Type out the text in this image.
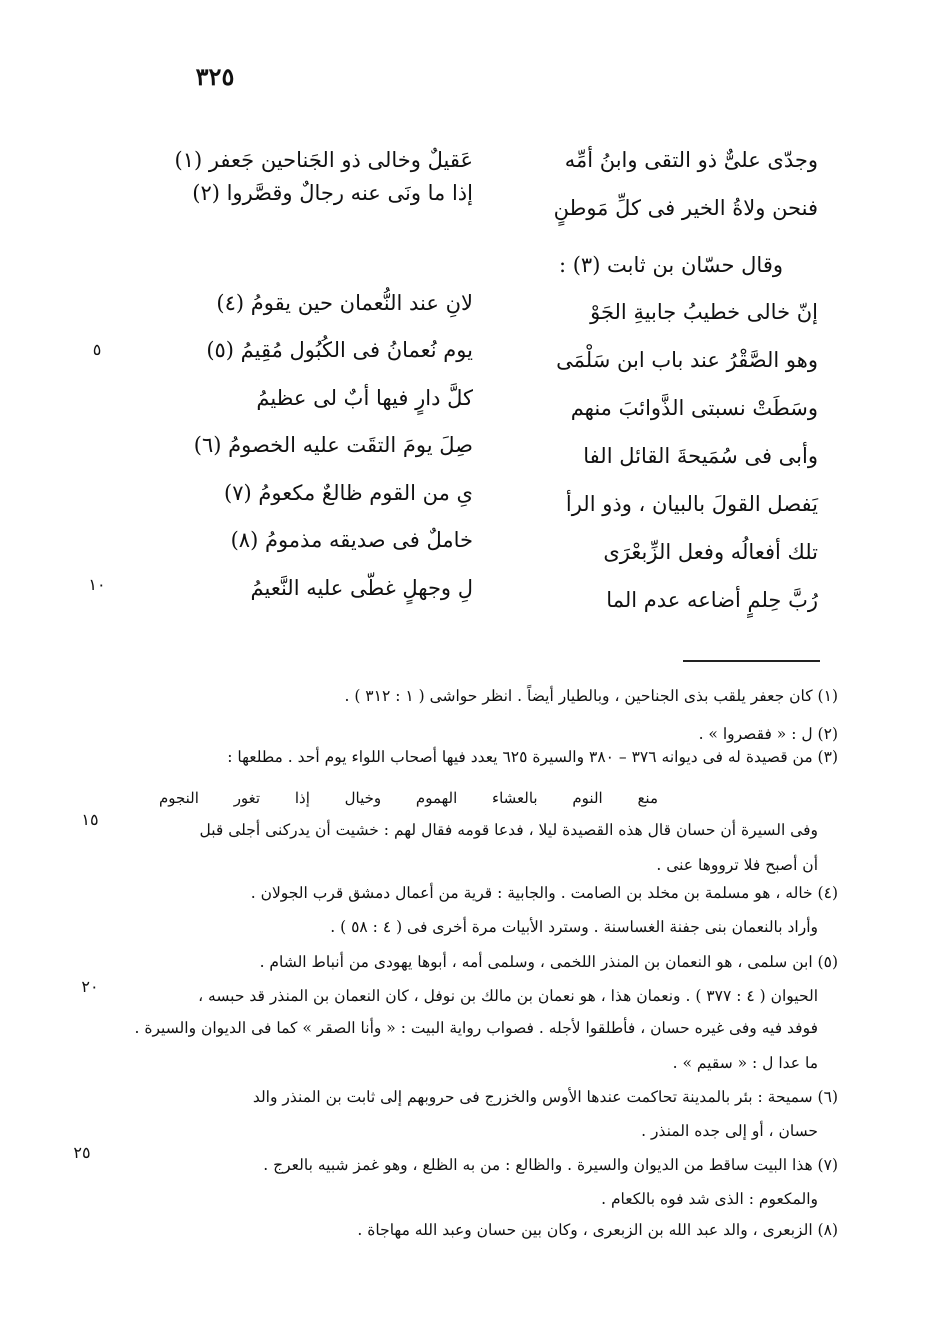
٣٢٥
وجدّى علىٌّ ذو التقى وابنُ أمِّه
عَقيلٌ وخالى ذو الجَناحين جَعفر (١)
فنحن ولاةُ الخير فى كلِّ مَوطنٍ
إذا ما ونَى عنه رجالٌ وقصَّروا (٢)
وقال حسّان بن ثابت (٣) :
إنّ خالى خطيبُ جابيةِ الجَوْ
لانِ عند النُّعمان حين يقومُ (٤)
وهو الصَّقْرُ عند باب ابن سَلْمَى
يوم نُعمانُ فى الكُبُول مُقِيمُ (٥)
وسَطَتْ نسبتى الذَّوائبَ منهم
كلَّ دارٍ فيها أبٌ لى عظيمُ
وأبى فى سُمَيحةَ القائل الفا
صِلَ يومَ التقَت عليه الخصومُ (٦)
يَفصل القولَ بالبيان ، وذو الرأ
ىِ من القوم ظالعٌ مكعومُ (٧)
تلك أفعالُه وفعل الزِّبعْرَى
خاملٌ فى صديقه مذمومُ (٨)
رُبَّ حِلمٍ أضاعه عدم الما
لِ وجهلٍ غطّى عليه النَّعيمُ
٥
١٠
١٥
٢٠
٢٥
(١) كان جعفر يلقب بذى الجناحين ، وبالطيار أيضاً . انظر حواشى ( ١ : ٣١٢ ) .
(٢) ل : « فقصروا » .
(٣) من قصيدة له فى ديوانه ٣٧٦ – ٣٨٠ والسيرة ٦٢٥ يعدد فيها أصحاب اللواء يوم أحد . مطلعها :
منع النوم بالعشاء الهموم وخيال إذا تغور النجوم
وفى السيرة أن حسان قال هذه القصيدة ليلا ، فدعا قومه فقال لهم : خشيت أن يدركنى أجلى قبل
أن أصبح فلا ترووها عنى .
(٤) خاله ، هو مسلمة بن مخلد بن الصامت . والجابية : قرية من أعمال دمشق قرب الجولان .
وأراد بالنعمان بنى جفنة الغساسنة . وسترد الأبيات مرة أخرى فى ( ٤ : ٥٨ ) .
(٥) ابن سلمى ، هو النعمان بن المنذر اللخمى ، وسلمى أمه ، أبوها يهودى من أنباط الشام .
الحيوان ( ٤ : ٣٧٧ ) . ونعمان هذا ، هو نعمان بن مالك بن نوفل ، كان النعمان بن المنذر قد حبسه ،
فوفد فيه وفى غيره حسان ، فأطلقوا لأجله . فصواب رواية البيت : « وأنا الصقر » كما فى الديوان والسيرة .
ما عدا ل : « سقيم » .
(٦) سميحة : بئر بالمدينة تحاكمت عندها الأوس والخزرج فى حروبهم إلى ثابت بن المنذر والد
حسان ، أو إلى جده المنذر .
(٧) هذا البيت ساقط من الديوان والسيرة . والظالع : من به الظلع ، وهو غمز شبيه بالعرج .
والمكعوم : الذى شد فوه بالكعام .
(٨) الزبعرى ، والد عبد الله بن الزبعرى ، وكان بين حسان وعبد الله مهاجاة .
